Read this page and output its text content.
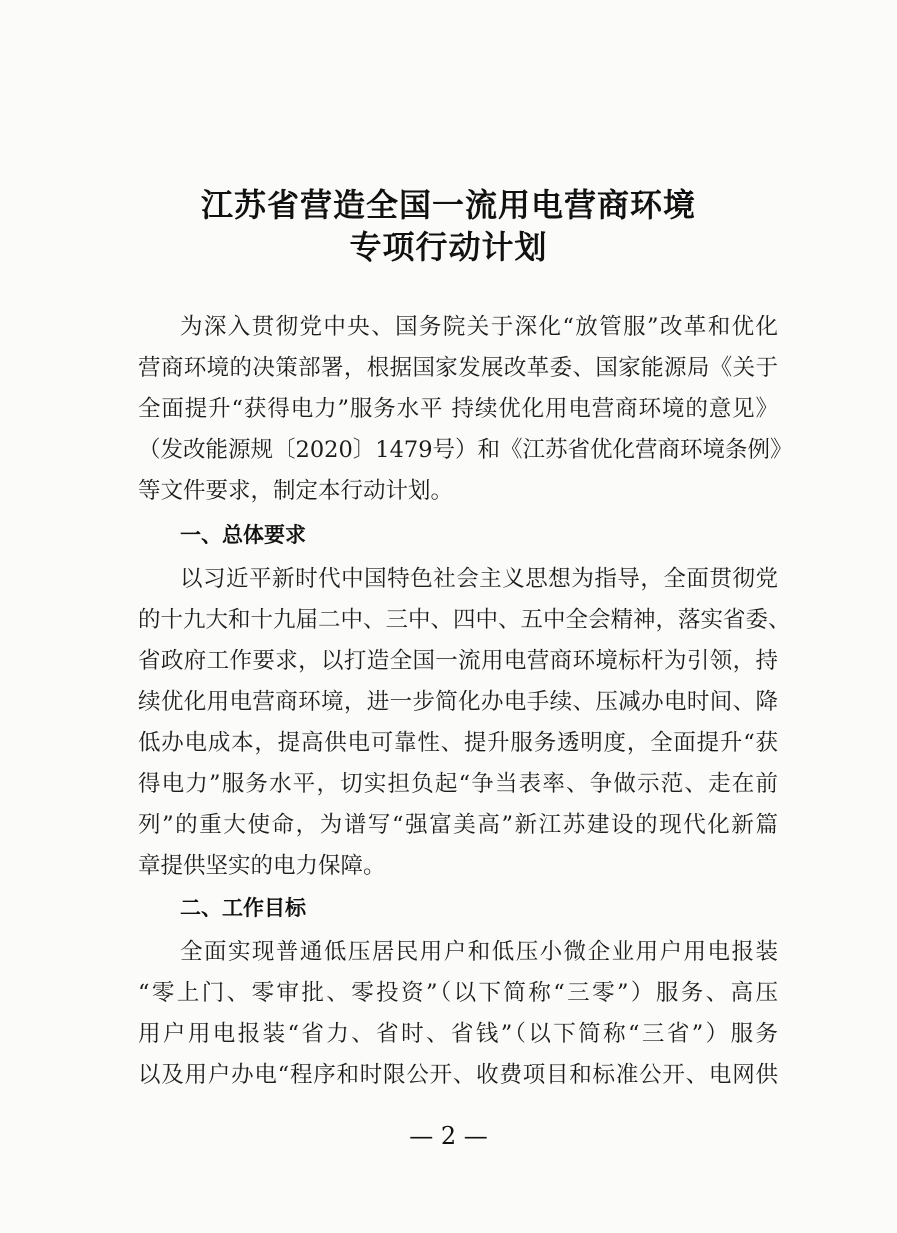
江苏省营造全国一流用电营商环境
专项行动计划
为深入贯彻党中央、国务院关于深化“放管服”改革和优化
营商环境的决策部署，根据国家发展改革委、国家能源局《关于
全面提升“获得电力”服务水平 持续优化用电营商环境的意见》
（发改能源规〔2020〕1479号）和《江苏省优化营商环境条例》
等文件要求，制定本行动计划。
一、总体要求
以习近平新时代中国特色社会主义思想为指导，全面贯彻党
的十九大和十九届二中、三中、四中、五中全会精神，落实省委、
省政府工作要求，以打造全国一流用电营商环境标杆为引领，持
续优化用电营商环境，进一步简化办电手续、压减办电时间、降
低办电成本，提高供电可靠性、提升服务透明度，全面提升“获
得电力”服务水平，切实担负起“争当表率、争做示范、走在前
列”的重大使命，为谱写“强富美高”新江苏建设的现代化新篇
章提供坚实的电力保障。
二、工作目标
全面实现普通低压居民用户和低压小微企业用户用电报装
“零上门、零审批、零投资”（以下简称“三零”）服务、高压
用户用电报装“省力、省时、省钱”（以下简称“三省”）服务
以及用户办电“程序和时限公开、收费项目和标准公开、电网供
— 2 —
